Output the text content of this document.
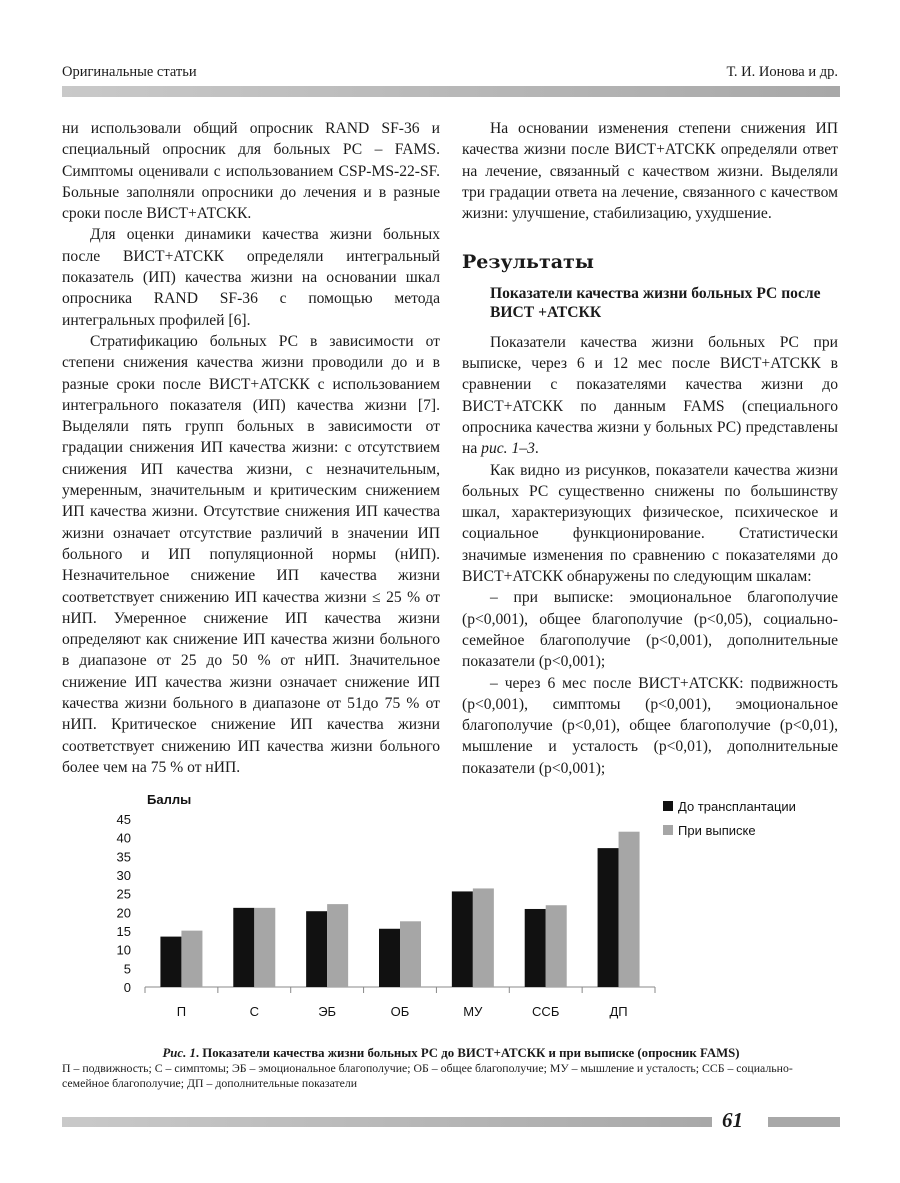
Оригинальные статьи	Т. И. Ионова и др.

ни использовали общий опросник RAND SF-36 и специальный опросник для больных РС – FAMS. Симптомы оценивали с использованием CSP-MS-22-SF. Больные заполняли опросники до лечения и в разные сроки после ВИСТ+АТСКК.

Для оценки динамики качества жизни больных после ВИСТ+АТСКК определяли интегральный показатель (ИП) качества жизни на основании шкал опросника RAND SF-36 с помощью метода интегральных профилей [6].

Стратификацию больных РС в зависимости от степени снижения качества жизни проводили до и в разные сроки после ВИСТ+АТСКК с использованием интегрального показателя (ИП) качества жизни [7]. Выделяли пять групп больных в зависимости от градации снижения ИП качества жизни: с отсутствием снижения ИП качества жизни, с незначительным, умеренным, значительным и критическим снижением ИП качества жизни. Отсутствие снижения ИП качества жизни означает отсутствие различий в значении ИП больного и ИП популяционной нормы (нИП). Незначительное снижение ИП качества жизни соответствует снижению ИП качества жизни ≤ 25 % от нИП. Умеренное снижение ИП качества жизни определяют как снижение ИП качества жизни больного в диапазоне от 25 до 50 % от нИП. Значительное снижение ИП качества жизни означает снижение ИП качества жизни больного в диапазоне от 51до 75 % от нИП. Критическое снижение ИП качества жизни соответствует снижению ИП качества жизни больного более чем на 75 % от нИП.

На основании изменения степени снижения ИП качества жизни после ВИСТ+АТСКК определяли ответ на лечение, связанный с качеством жизни. Выделяли три градации ответа на лечение, связанного с качеством жизни: улучшение, стабилизацию, ухудшение.

Результаты
Показатели качества жизни больных РС после ВИСТ +АТСКК

Показатели качества жизни больных РС при выписке, через 6 и 12 мес после ВИСТ+АТСКК в сравнении с показателями качества жизни до ВИСТ+АТСКК по данным FAMS (специального опросника качества жизни у больных РС) представлены на рис. 1–3.

Как видно из рисунков, показатели качества жизни больных РС существенно снижены по большинству шкал, характеризующих физическое, психическое и социальное функционирование. Статистически значимые изменения по сравнению с показателями до ВИСТ+АТСКК обнаружены по следующим шкалам:

– при выписке: эмоциональное благополучие (p<0,001), общее благополучие (p<0,05), социально-семейное благополучие (p<0,001), дополнительные показатели (p<0,001);

– через 6 мес после ВИСТ+АТСКК: подвижность (p<0,001), симптомы (p<0,001), эмоциональное благополучие (p<0,01), общее благополучие (p<0,01), мышление и усталость (p<0,01), дополнительные показатели (p<0,001);

Баллы
0
5
10
15
20
25
30
35
40
45
П	С	ЭБ	ОБ	МУ	ССБ	ДП
До трансплантации
При выписке
Рис. 1. Показатели качества жизни больных РС до ВИСТ+АТСКК и при выписке (опросник FAMS)
П – подвижность; С – симптомы; ЭБ – эмоциональное благополучие; ОБ – общее благополучие; МУ – мышление и усталость; ССБ – социально-семейное благополучие; ДП – дополнительные показатели
61
